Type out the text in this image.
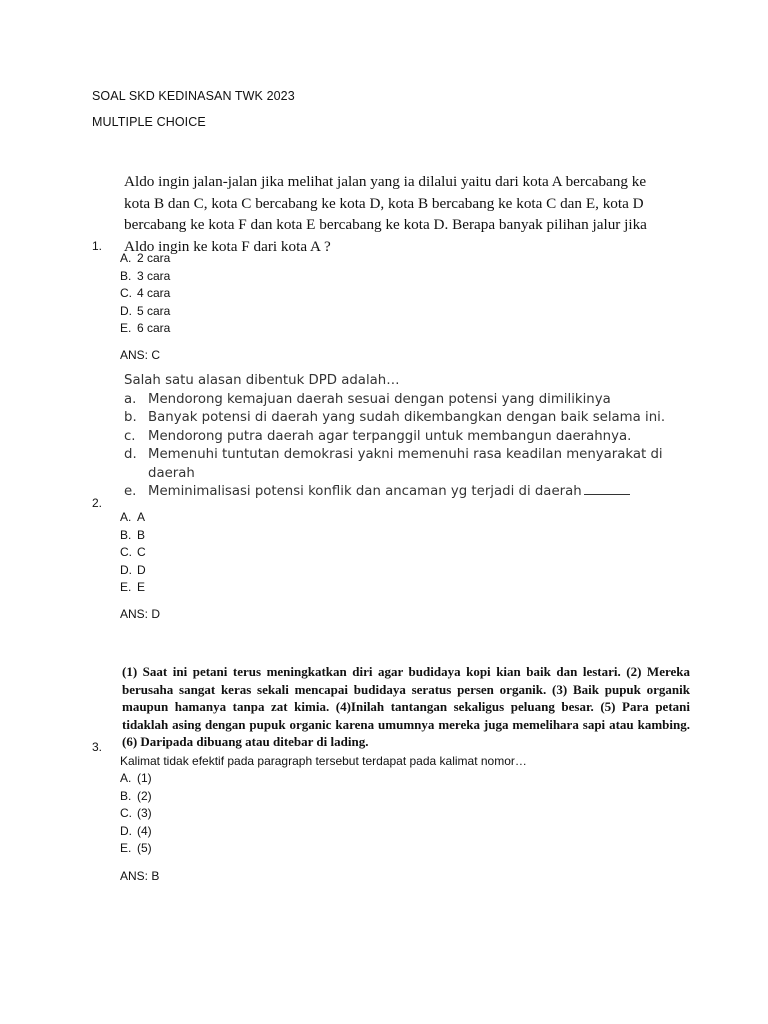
SOAL SKD KEDINASAN TWK 2023
MULTIPLE CHOICE
Aldo ingin jalan-jalan jika melihat jalan yang ia dilalui yaitu dari kota A bercabang ke
kota B dan C, kota C bercabang ke kota D, kota B bercabang ke kota C dan E, kota D
bercabang ke kota F dan kota E bercabang ke kota D. Berapa banyak pilihan jalur jika
Aldo ingin ke kota F dari kota A ?
1.
A. 2 cara
B. 3 cara
C. 4 cara
D. 5 cara
E. 6 cara
ANS: C
Salah satu alasan dibentuk DPD adalah…
a. Mendorong kemajuan daerah sesuai dengan potensi yang dimilikinya
b. Banyak potensi di daerah yang sudah dikembangkan dengan baik selama ini.
c. Mendorong putra daerah agar terpanggil untuk membangun daerahnya.
d. Memenuhi tuntutan demokrasi yakni memenuhi rasa keadilan menyarakat di
daerah
e. Meminimalisasi potensi konflik dan ancaman yg terjadi di daerah
2.
A. A
B. B
C. C
D. D
E. E
ANS: D
(1) Saat ini petani terus meningkatkan diri agar budidaya kopi kian baik dan lestari. (2) Mereka berusaha sangat keras sekali mencapai budidaya seratus persen organik. (3) Baik pupuk organik maupun hamanya tanpa zat kimia. (4)Inilah tantangan sekaligus peluang besar. (5) Para petani tidaklah asing dengan pupuk organic karena umumnya mereka juga memelihara sapi atau kambing. (6) Daripada dibuang atau ditebar di lading.
3.
Kalimat tidak efektif pada paragraph tersebut terdapat pada kalimat nomor…
A. (1)
B. (2)
C. (3)
D. (4)
E. (5)
ANS: B
